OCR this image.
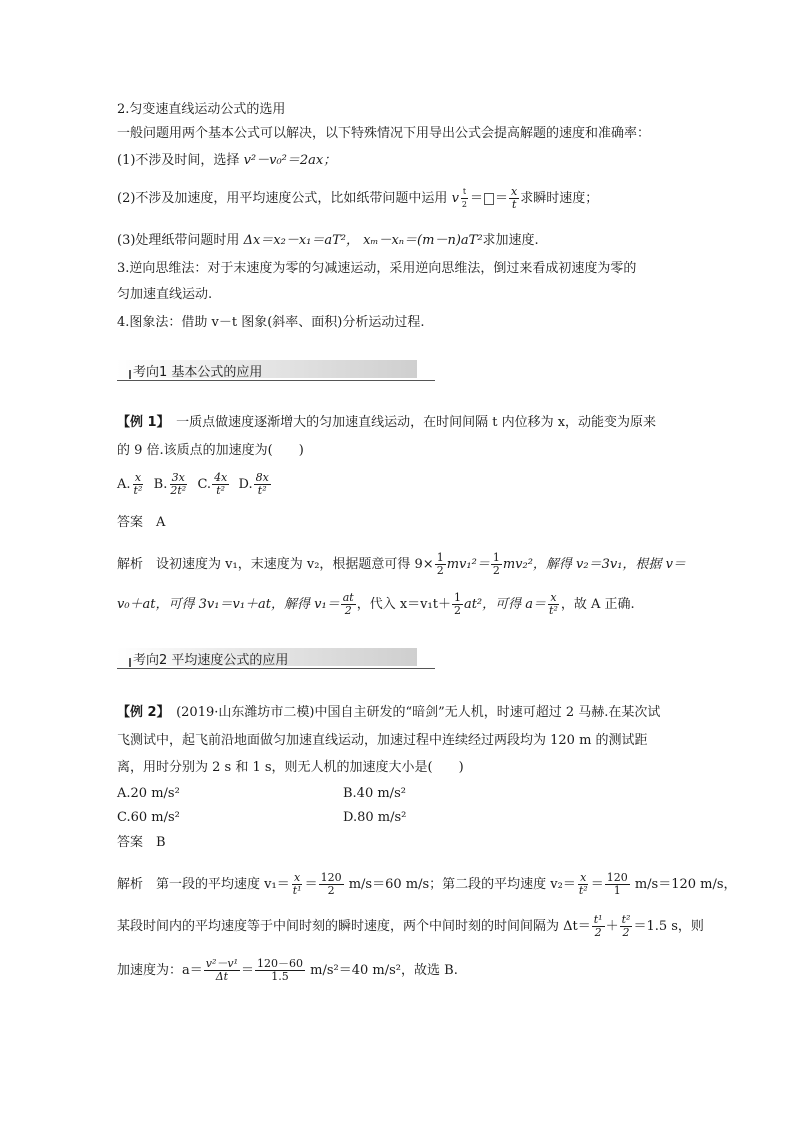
2.匀变速直线运动公式的选用
一般问题用两个基本公式可以解决，以下特殊情况下用导出公式会提高解题的速度和准确率：
(1)不涉及时间，选择 v²－v₀²＝2ax；
(2)不涉及加速度，用平均速度公式，比如纸带问题中运用 v $\frac{t}{2}$ ＝ ＝ $\frac{x}{t}$ 求瞬时速度；
(3)处理纸带问题时用 Δx＝x₂－x₁＝aT²， xₘ－xₙ＝(m－n)aT²求加速度.
3.逆向思维法：对于末速度为零的匀减速运动，采用逆向思维法，倒过来看成初速度为零的
匀加速直线运动.
4.图象法：借助 v－t 图象(斜率、面积)分析运动过程.
考向1 基本公式的应用
【例 1】　 一质点做速度逐渐增大的匀加速直线运动，在时间间隔 t 内位移为 x，动能变为原来
的 9 倍.该质点的加速度为(　　)
A. $\frac{x}{\text{t²}} B$. $\frac{3x}{\text{2t²}} C$. $\frac{4x}{\text{t²}} D$. $\frac{8x}{\text{t²}}$
答案　 A
解析　 设初速度为 v₁，末速度为 v₂，根据题意可得 $9\times \frac{1}{2} mv_1^2= \frac{1}{2} mv_2^2$，解得 v₂＝3v₁，根据 v＝
v₀＋at，可得 3v₁＝v₁＋at，解得 $v_1= \frac{at}{2}$ ，代入 $x=v_1t+ \frac{1}{2} at^2$，可得 $a= \frac{x}{\text{t²}}$ ，故 A 正确.
考向2 平均速度公式的应用
【例 2】　 (2019·山东潍坊市二模)中国自主研发的“暗剑”无人机，时速可超过 2 马赫.在某次试
飞测试中，起飞前沿地面做匀加速直线运动，加速过程中连续经过两段均为 120 m 的测试距
离，用时分别为 2 s 和 1 s，则无人机的加速度大小是(　　)
A.20 m/s²	B.40 m/s²
C.60 m/s²	D.80 m/s²
答案　 B
解析　 第一段的平均速度 $v_1= \frac{x}{\text{t¹}} = \frac{120}{2} m/s=60$ m/s；第二段的平均速度 $v_2= \frac{x}{\text{t²}} = \frac{120}{1} m/s=120$ m/s，
某段时间内的平均速度等于中间时刻的瞬时速度，两个中间时刻的时间间隔为 $\Delta t= \frac{\text{t¹}}{2} + \frac{\text{t²}}{2} =1.5$ s，则
加速度为：$a= \frac{\text{v²－v¹}}{\Delta t} = \frac{120-60}{1.5} m/s^2=40$ m/s²，故选 B.
